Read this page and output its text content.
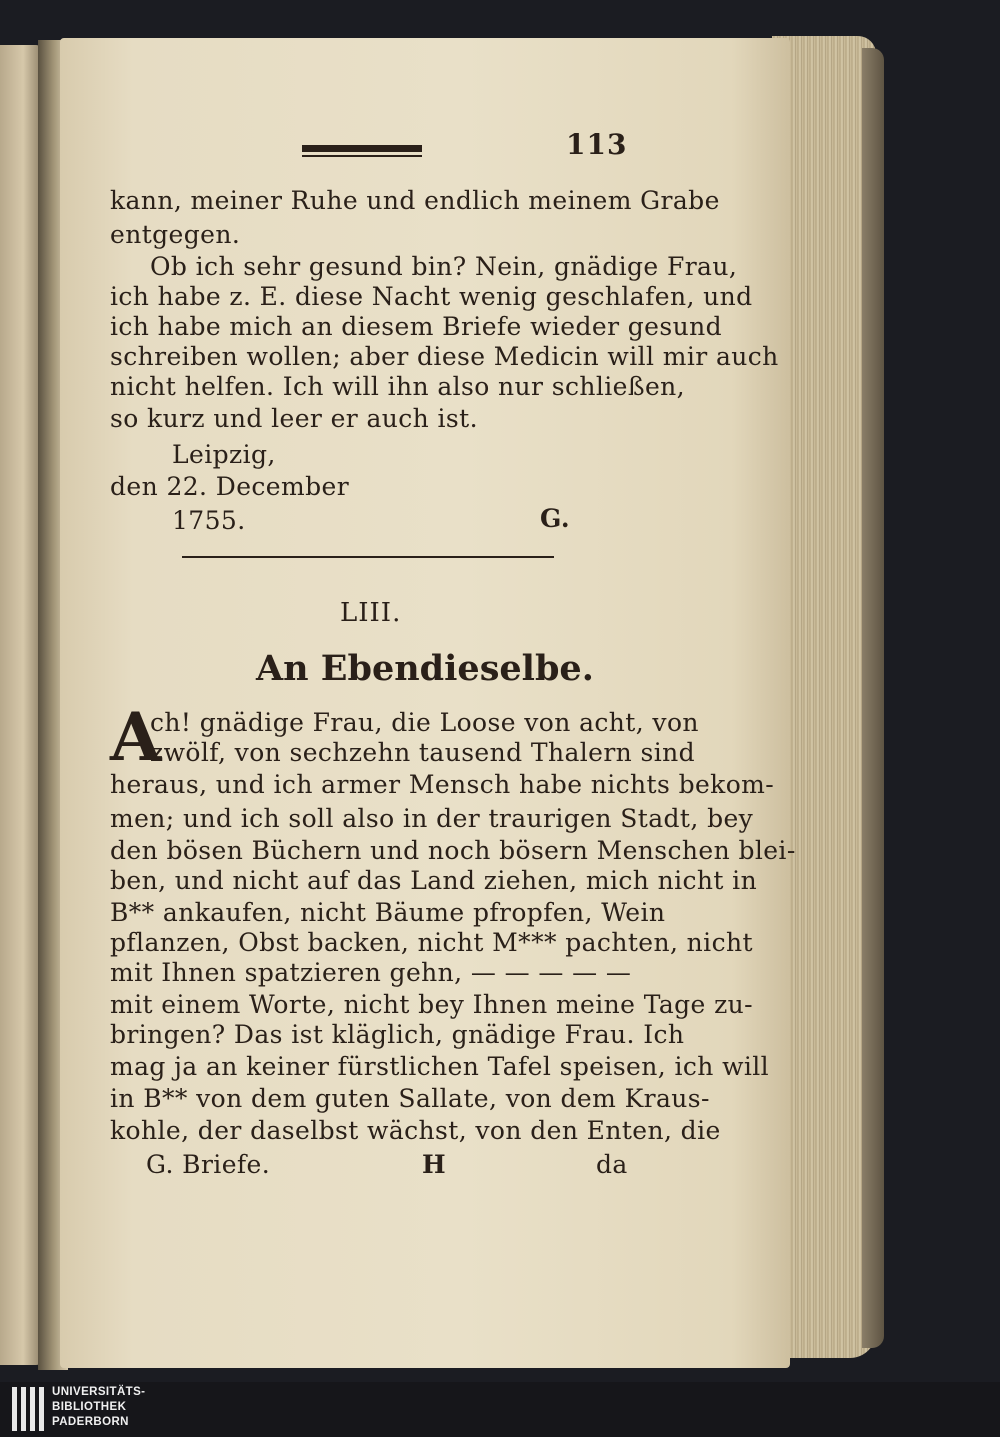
113
kann, meiner Ruhe und endlich meinem Grabe
entgegen.
Ob ich sehr gesund bin? Nein, gnädige Frau,
ich habe z. E. diese Nacht wenig geschlafen, und
ich habe mich an diesem Briefe wieder gesund
schreiben wollen; aber diese Medicin will mir auch
nicht helfen. Ich will ihn also nur schließen,
so kurz und leer er auch ist.
Leipzig,
den 22. December
1755.	G.
LIII.
An Ebendieselbe.
A
ch! gnädige Frau, die Loose von acht, von
zwölf, von sechzehn tausend Thalern sind
heraus, und ich armer Mensch habe nichts bekom-
men; und ich soll also in der traurigen Stadt, bey
den bösen Büchern und noch bösern Menschen blei-
ben, und nicht auf das Land ziehen, mich nicht in
B** ankaufen, nicht Bäume pfropfen, Wein
pflanzen, Obst backen, nicht M*** pachten, nicht
mit Ihnen spatzieren gehn, — — — — —
mit einem Worte, nicht bey Ihnen meine Tage zu-
bringen? Das ist kläglich, gnädige Frau. Ich
mag ja an keiner fürstlichen Tafel speisen, ich will
in B** von dem guten Sallate, von dem Kraus-
kohle, der daselbst wächst, von den Enten, die
G. Briefe.	H	da
UNIVERSITÄTS-
BIBLIOTHEK
PADERBORN
